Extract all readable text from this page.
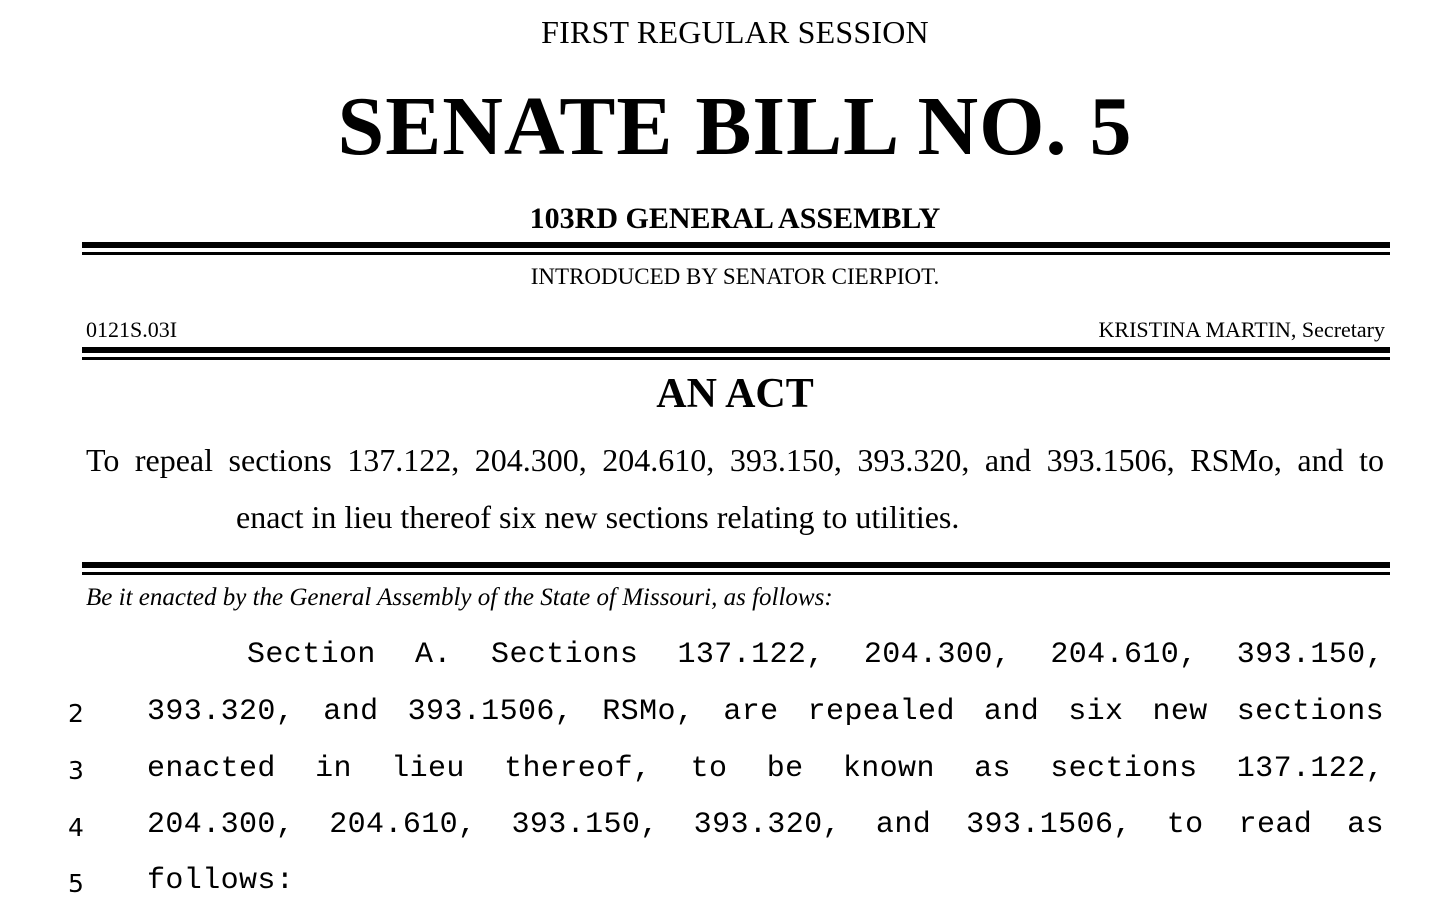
FIRST REGULAR SESSION
SENATE BILL NO. 5
103RD GENERAL ASSEMBLY
INTRODUCED BY SENATOR CIERPIOT.
0121S.03I	KRISTINA MARTIN, Secretary
AN ACT
To repeal sections 137.122, 204.300, 204.610, 393.150, 393.320, and 393.1506, RSMo, and to
enact in lieu thereof six new sections relating to utilities.
Be it enacted by the General Assembly of the State of Missouri, as follows:
Section A. Sections 137.122, 204.300, 204.610, 393.150,
2 393.320, and 393.1506, RSMo, are repealed and six new sections
3 enacted in lieu thereof, to be known as sections 137.122,
4 204.300, 204.610, 393.150, 393.320, and 393.1506, to read as
5 follows:
